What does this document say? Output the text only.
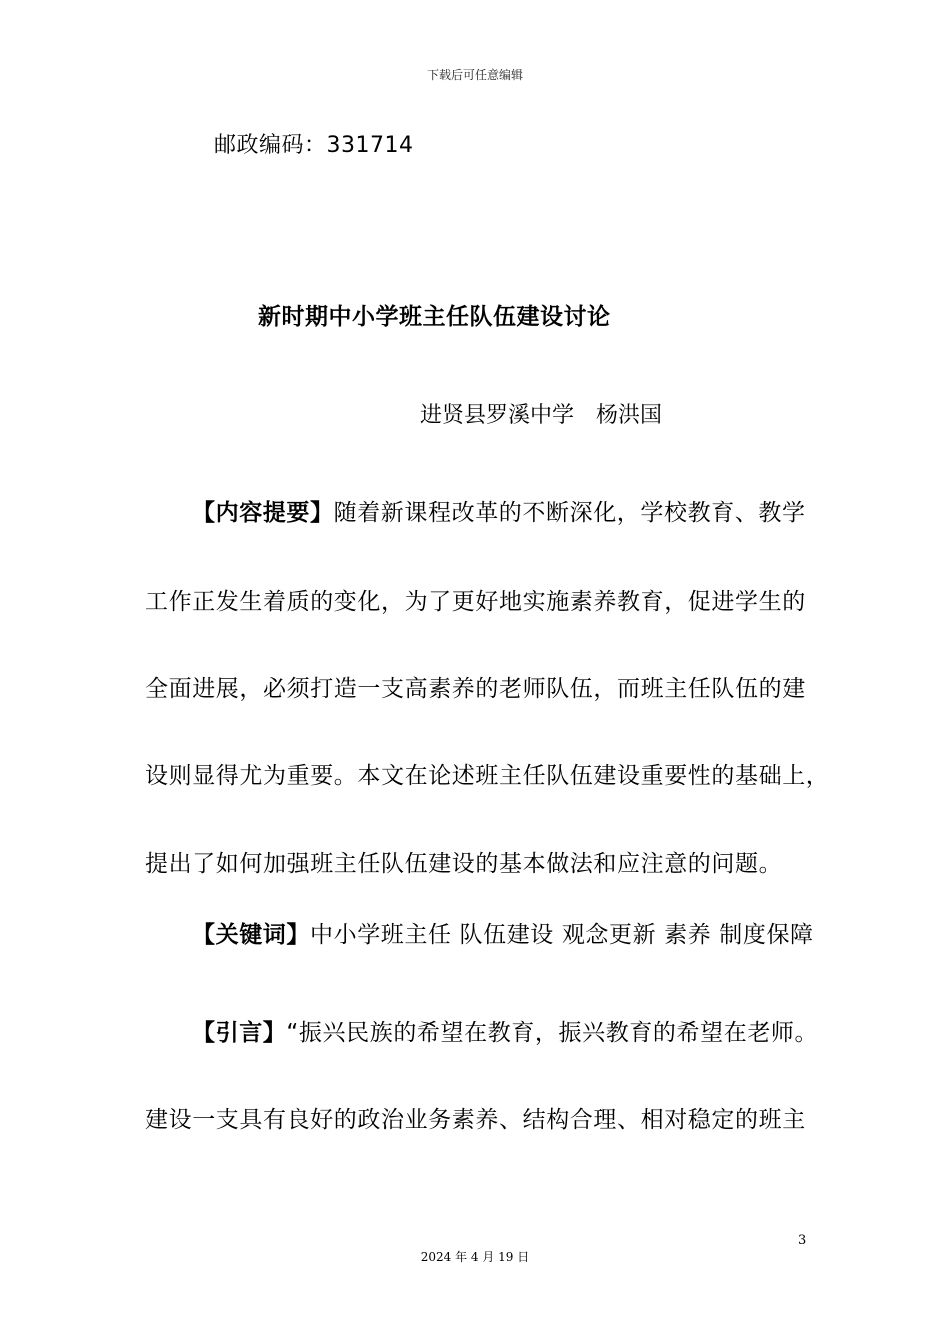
下载后可任意编辑
邮政编码：331714
新时期中小学班主任队伍建设讨论
进贤县罗溪中学 杨洪国
【内容提要】随着新课程改革的不断深化，学校教育、教学
工作正发生着质的变化，为了更好地实施素养教育，促进学生的
全面进展，必须打造一支高素养的老师队伍，而班主任队伍的建
设则显得尤为重要。本文在论述班主任队伍建设重要性的基础上，
提出了如何加强班主任队伍建设的基本做法和应注意的问题。
【关键词】中小学班主任 队伍建设 观念更新 素养 制度保障
【引言】“振兴民族的希望在教育，振兴教育的希望在老师。
建设一支具有良好的政治业务素养、结构合理、相对稳定的班主
3
2024 年 4 月 19 日
